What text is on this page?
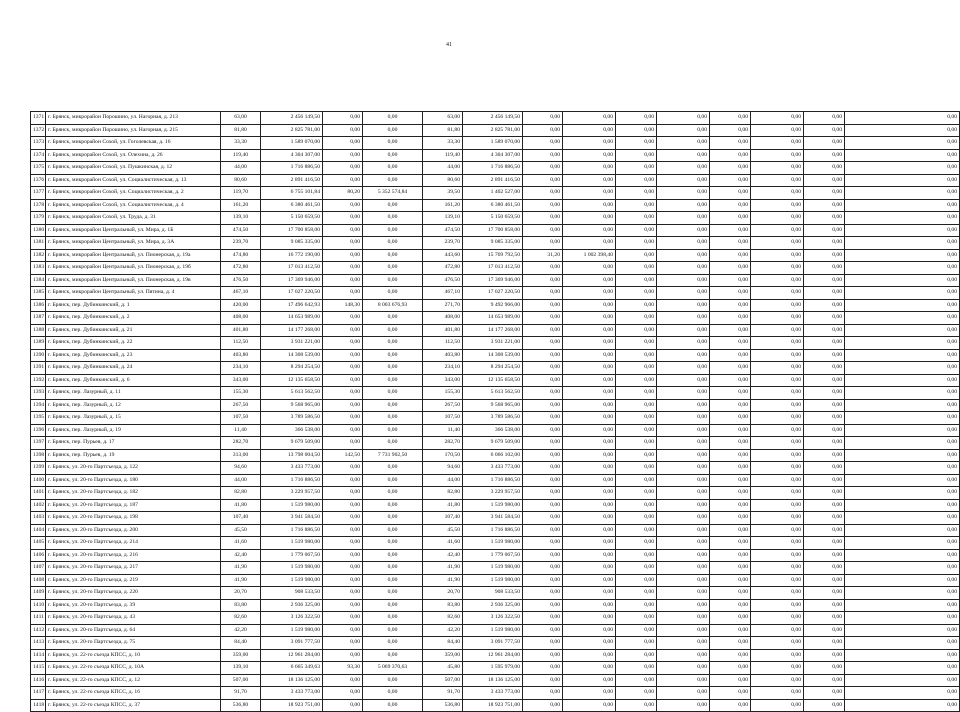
41
1371	г. Брянск, микрорайон Порошино, ул. Нагорная, д. 213	63,00	2 456 149,50	0,00	0,00	63,00	2 456 149,50	0,00	0,00	0,00	0,00	0,00	0,00	0,00	0,00
1372	г. Брянск, микрорайон Порошино, ул. Нагорная, д. 215	81,80	2 825 781,00	0,00	0,00	81,80	2 825 781,00	0,00	0,00	0,00	0,00	0,00	0,00	0,00	0,00
1373	г. Брянск, микрорайон Сохой, ул. Гоголевская, д. 16	33,30	1 589 070,00	0,00	0,00	33,30	1 589 070,00	0,00	0,00	0,00	0,00	0,00	0,00	0,00	0,00
1374	г. Брянск, микрорайон Сохой, ул. Олехина, д. 26	119,40	4 304 307,00	0,00	0,00	119,40	4 304 307,00	0,00	0,00	0,00	0,00	0,00	0,00	0,00	0,00
1375	г. Брянск, микрорайон Сохой, ул. Пушкинская, д. 12	44,00	1 716 886,50	0,00	0,00	44,00	1 716 886,50	0,00	0,00	0,00	0,00	0,00	0,00	0,00	0,00
1376	г. Брянск, микрорайон Сохой, ул. Социалистическая, д. 13	80,60	2 891 416,50	0,00	0,00	80,60	2 891 416,50	0,00	0,00	0,00	0,00	0,00	0,00	0,00	0,00
1377	г. Брянск, микрорайон Сохой, ул. Социалистическая, д. 2	119,70	6 755 101,84	80,20	5 352 574,84	39,50	1 402 527,00	0,00	0,00	0,00	0,00	0,00	0,00	0,00	0,00
1378	г. Брянск, микрорайон Сохой, ул. Социалистическая, д. 4	161,20	6 380 461,50	0,00	0,00	161,20	6 380 461,50	0,00	0,00	0,00	0,00	0,00	0,00	0,00	0,00
1379	г. Брянск, микрорайон Сохой, ул. Труда, д. 31	139,10	5 150 659,50	0,00	0,00	139,10	5 150 659,50	0,00	0,00	0,00	0,00	0,00	0,00	0,00	0,00
1380	г. Брянск, микрорайон Центральный, ул. Мира, д. 1Б	474,50	17 700 858,00	0,00	0,00	474,50	17 700 858,00	0,00	0,00	0,00	0,00	0,00	0,00	0,00	0,00
1381	г. Брянск, микрорайон Центральный, ул. Мира, д. 3А	239,70	9 085 335,00	0,00	0,00	239,70	9 085 335,00	0,00	0,00	0,00	0,00	0,00	0,00	0,00	0,00
1382	г. Брянск, микрорайон Центральный, ул. Пионерская, д. 19а	474,80	16 772 190,00	0,00	0,00	443,60	15 769 792,50	31,20	1 002 398,40	0,00	0,00	0,00	0,00	0,00	0,00
1383	г. Брянск, микрорайон Центральный, ул. Пионерская, д. 19б	472,80	17 013 412,50	0,00	0,00	472,80	17 013 412,50	0,00	0,00	0,00	0,00	0,00	0,00	0,00	0,00
1384	г. Брянск, микрорайон Центральный, ул. Пионерская, д. 19в	476,50	17 369 946,00	0,00	0,00	476,50	17 369 946,00	0,00	0,00	0,00	0,00	0,00	0,00	0,00	0,00
1385	г. Брянск, микрорайон Центральный, ул. Пятина, д. 4	467,10	17 027 220,50	0,00	0,00	467,10	17 027 220,50	0,00	0,00	0,00	0,00	0,00	0,00	0,00	0,00
1386	г. Брянск, пер. Дубинкинский, д. 1	420,00	17 496 642,93	148,30	8 003 676,93	271,70	9 492 966,00	0,00	0,00	0,00	0,00	0,00	0,00	0,00	0,00
1387	г. Брянск, пер. Дубинкинский, д. 2	408,00	14 653 989,00	0,00	0,00	408,00	14 653 989,00	0,00	0,00	0,00	0,00	0,00	0,00	0,00	0,00
1388	г. Брянск, пер. Дубинкинский, д. 21	401,80	14 177 268,00	0,00	0,00	401,80	14 177 268,00	0,00	0,00	0,00	0,00	0,00	0,00	0,00	0,00
1389	г. Брянск, пер. Дубинкинский, д. 22	112,50	3 931 221,00	0,00	0,00	112,50	3 931 221,00	0,00	0,00	0,00	0,00	0,00	0,00	0,00	0,00
1390	г. Брянск, пер. Дубинкинский, д. 23	403,80	14 308 539,00	0,00	0,00	403,80	14 308 539,00	0,00	0,00	0,00	0,00	0,00	0,00	0,00	0,00
1391	г. Брянск, пер. Дубинкинский, д. 24	234,10	8 294 254,50	0,00	0,00	234,10	8 294 254,50	0,00	0,00	0,00	0,00	0,00	0,00	0,00	0,00
1392	г. Брянск, пер. Дубинкинский, д. 6	343,00	12 135 658,50	0,00	0,00	343,00	12 135 658,50	0,00	0,00	0,00	0,00	0,00	0,00	0,00	0,00
1393	г. Брянск, пер. Лазурный, д. 11	155,30	5 613 562,50	0,00	0,00	155,30	5 613 562,50	0,00	0,00	0,00	0,00	0,00	0,00	0,00	0,00
1394	г. Брянск, пер. Лазурный, д. 12	267,50	9 568 965,00	0,00	0,00	267,50	9 568 965,00	0,00	0,00	0,00	0,00	0,00	0,00	0,00	0,00
1395	г. Брянск, пер. Лазурный, д. 15	107,50	3 789 586,50	0,00	0,00	107,50	3 789 586,50	0,00	0,00	0,00	0,00	0,00	0,00	0,00	0,00
1396	г. Брянск, пер. Лазурный, д. 19	11,40	366 538,00	0,00	0,00	11,40	366 538,00	0,00	0,00	0,00	0,00	0,00	0,00	0,00	0,00
1397	г. Брянск, пер. Пурьев, д. 17	282,70	9 679 509,00	0,00	0,00	282,70	9 679 509,00	0,00	0,00	0,00	0,00	0,00	0,00	0,00	0,00
1398	г. Брянск, пер. Пурьев, д. 19	313,00	13 798 004,50	142,50	7 731 902,50	170,50	6 066 102,00	0,00	0,00	0,00	0,00	0,00	0,00	0,00	0,00
1399	г. Брянск, ул. 20-го Партсъезда, д. 122	94,60	3 433 773,00	0,00	0,00	94,60	3 433 773,00	0,00	0,00	0,00	0,00	0,00	0,00	0,00	0,00
1400	г. Брянск, ул. 20-го Партсъезда, д. 180	44,00	1 716 886,50	0,00	0,00	44,00	1 716 886,50	0,00	0,00	0,00	0,00	0,00	0,00	0,00	0,00
1401	г. Брянск, ул. 20-го Партсъезда, д. 182	82,80	3 229 957,50	0,00	0,00	82,80	3 229 957,50	0,00	0,00	0,00	0,00	0,00	0,00	0,00	0,00
1402	г. Брянск, ул. 20-го Партсъезда, д. 187	41,80	1 519 980,00	0,00	0,00	41,80	1 519 980,00	0,00	0,00	0,00	0,00	0,00	0,00	0,00	0,00
1403	г. Брянск, ул. 20-го Партсъезда, д. 198	107,40	3 941 584,50	0,00	0,00	107,40	3 941 584,50	0,00	0,00	0,00	0,00	0,00	0,00	0,00	0,00
1404	г. Брянск, ул. 20-го Партсъезда, д. 200	45,50	1 716 886,50	0,00	0,00	45,50	1 716 886,50	0,00	0,00	0,00	0,00	0,00	0,00	0,00	0,00
1405	г. Брянск, ул. 20-го Партсъезда, д. 214	41,60	1 519 980,00	0,00	0,00	41,60	1 519 980,00	0,00	0,00	0,00	0,00	0,00	0,00	0,00	0,00
1406	г. Брянск, ул. 20-го Партсъезда, д. 216	42,40	1 779 067,50	0,00	0,00	42,40	1 779 067,50	0,00	0,00	0,00	0,00	0,00	0,00	0,00	0,00
1407	г. Брянск, ул. 20-го Партсъезда, д. 217	41,90	1 519 980,00	0,00	0,00	41,90	1 519 980,00	0,00	0,00	0,00	0,00	0,00	0,00	0,00	0,00
1408	г. Брянск, ул. 20-го Партсъезда, д. 219	41,90	1 519 980,00	0,00	0,00	41,90	1 519 980,00	0,00	0,00	0,00	0,00	0,00	0,00	0,00	0,00
1409	г. Брянск, ул. 20-го Партсъезда, д. 220	20,70	908 533,50	0,00	0,00	20,70	908 533,50	0,00	0,00	0,00	0,00	0,00	0,00	0,00	0,00
1410	г. Брянск, ул. 20-го Партсъезда, д. 39	83,80	2 936 325,00	0,00	0,00	83,80	2 936 325,00	0,00	0,00	0,00	0,00	0,00	0,00	0,00	0,00
1411	г. Брянск, ул. 20-го Партсъезда, д. 43	82,60	3 126 322,50	0,00	0,00	82,60	3 126 322,50	0,00	0,00	0,00	0,00	0,00	0,00	0,00	0,00
1412	г. Брянск, ул. 20-го Партсъезда, д. 64	42,20	1 519 980,00	0,00	0,00	42,20	1 519 980,00	0,00	0,00	0,00	0,00	0,00	0,00	0,00	0,00
1413	г. Брянск, ул. 20-го Партсъезда, д. 75	84,40	3 091 777,50	0,00	0,00	84,40	3 091 777,50	0,00	0,00	0,00	0,00	0,00	0,00	0,00	0,00
1414	г. Брянск, ул. 22-го съезда КПСС, д. 10	359,00	12 961 284,00	0,00	0,00	359,00	12 961 284,00	0,00	0,00	0,00	0,00	0,00	0,00	0,00	0,00
1415	г. Брянск, ул. 22-го съезда КПСС, д. 10А	139,10	6 665 349,63	93,30	5 069 370,63	45,80	1 595 979,00	0,00	0,00	0,00	0,00	0,00	0,00	0,00	0,00
1416	г. Брянск, ул. 22-го съезда КПСС, д. 12	507,00	18 136 125,00	0,00	0,00	507,00	18 136 125,00	0,00	0,00	0,00	0,00	0,00	0,00	0,00	0,00
1417	г. Брянск, ул. 22-го съезда КПСС, д. 16	91,70	3 433 773,00	0,00	0,00	91,70	3 433 773,00	0,00	0,00	0,00	0,00	0,00	0,00	0,00	0,00
1418	г. Брянск, ул. 22-го съезда КПСС, д. 37	536,80	18 923 751,00	0,00	0,00	536,80	18 923 751,00	0,00	0,00	0,00	0,00	0,00	0,00	0,00	0,00
